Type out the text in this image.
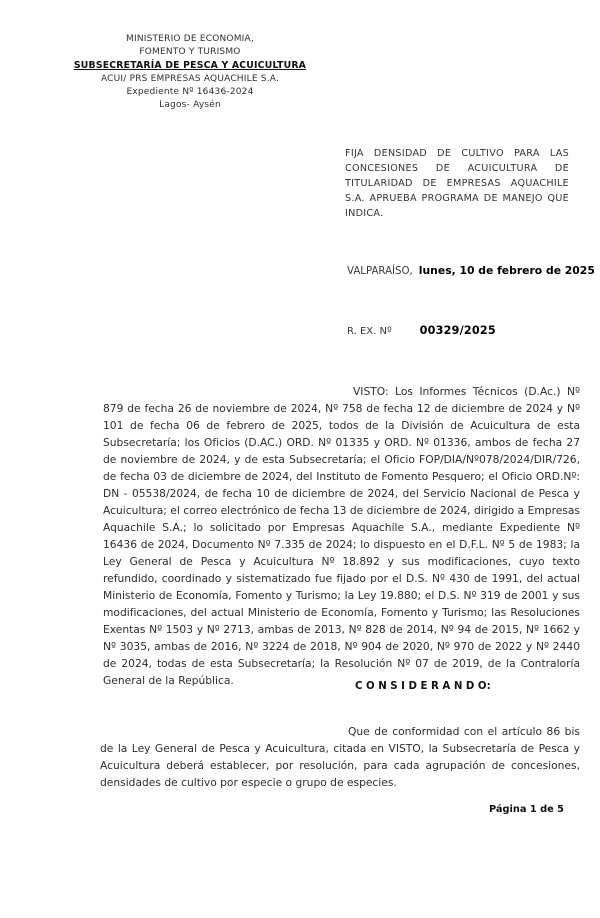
MINISTERIO DE ECONOMIA,
FOMENTO Y TURISMO
SUBSECRETARÍA DE PESCA Y ACUICULTURA
ACUI/ PRS EMPRESAS AQUACHILE S.A.
Expediente Nº 16436-2024
Lagos- Aysén
FIJA DENSIDAD DE CULTIVO PARA LAS CONCESIONES DE ACUICULTURA DE TITULARIDAD DE EMPRESAS AQUACHILE S.A. APRUEBA PROGRAMA DE MANEJO QUE INDICA.
VALPARAÍSO, lunes, 10 de febrero de 2025
R. EX. Nº	00329/2025

VISTO: Los Informes Técnicos (D.Ac.) Nº 879 de fecha 26 de noviembre de 2024, Nº 758 de fecha 12 de diciembre de 2024 y Nº 101 de fecha 06 de febrero de 2025, todos de la División de Acuicultura de esta Subsecretaría; los Oficios (D.AC.) ORD. Nº 01335 y ORD. Nº 01336, ambos de fecha 27 de noviembre de 2024, y de esta Subsecretaría; el Oficio FOP/DIA/Nº078/2024/DIR/726, de fecha 03 de diciembre de 2024, del Instituto de Fomento Pesquero; el Oficio ORD.Nº: DN - 05538/2024, de fecha 10 de diciembre de 2024, del Servicio Nacional de Pesca y Acuicultura; el correo electrónico de fecha 13 de diciembre de 2024, dirigido a Empresas Aquachile S.A.; lo solicitado por Empresas Aquachile S.A., mediante Expediente Nº 16436 de 2024, Documento Nº 7.335 de 2024; lo dispuesto en el D.F.L. Nº 5 de 1983; la Ley General de Pesca y Acuicultura Nº 18.892 y sus modificaciones, cuyo texto refundido, coordinado y sistematizado fue fijado por el D.S. Nº 430 de 1991, del actual Ministerio de Economía, Fomento y Turismo; la Ley 19.880; el D.S. Nº 319 de 2001 y sus modificaciones, del actual Ministerio de Economía, Fomento y Turismo; las Resoluciones Exentas Nº 1503 y Nº 2713, ambas de 2013, Nº 828 de 2014, Nº 94 de 2015, Nº 1662 y Nº 3035, ambas de 2016, Nº 3224 de 2018, Nº 904 de 2020, Nº 970 de 2022 y Nº 2440 de 2024, todas de esta Subsecretaría; la Resolución Nº 07 de 2019, de la Contraloría General de la República.	C O N S I D E R A N D O:

Que de conformidad con el artículo 86 bis de la Ley General de Pesca y Acuicultura, citada en VISTO, la Subsecretaría de Pesca y Acuicultura deberá establecer, por resolución, para cada agrupación de concesiones, densidades de cultivo por especie o grupo de especies.

Página 1 de 5
